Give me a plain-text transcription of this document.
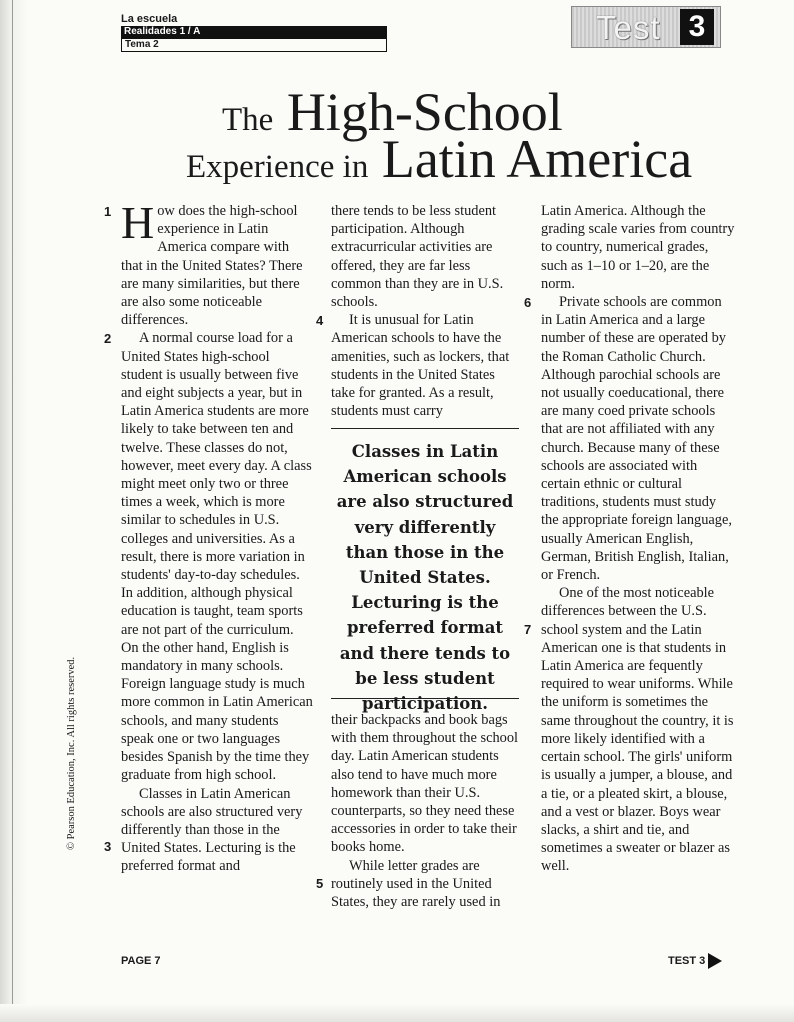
La escuela
Realidades 1 / A
Tema 2	Test 3
The High-School
Experience in Latin America
1
2
3
4
5
6
7

How does the high-school experience in Latin America compare with that in the United States? There are many similarities, but there are also some noticeable differences.

A normal course load for a United States high-school student is usually between five and eight subjects a year, but in Latin America students are more likely to take between ten and twelve. These classes do not, however, meet every day. A class might meet only two or three times a week, which is more similar to schedules in U.S. colleges and universities. As a result, there is more variation in students' day-to-day schedules. In addition, although physical education is taught, team sports are not part of the curriculum. On the other hand, English is mandatory in many schools. Foreign language study is much more common in Latin American schools, and many students speak one or two languages besides Spanish by the time they graduate from high school.

Classes in Latin American schools are also structured very differently than those in the United States. Lecturing is the preferred format and

there tends to be less student participation. Although extracurricular activities are offered, they are far less common than they are in U.S. schools.

It is unusual for Latin American schools to have the amenities, such as lockers, that students in the United States take for granted. As a result, students must carry

Classes in Latin American schools are also structured very differently than those in the United States. Lecturing is the preferred format and there tends to be less student participation.

their backpacks and book bags with them throughout the school day. Latin American students also tend to have much more homework than their U.S. counterparts, so they need these accessories in order to take their books home.

While letter grades are routinely used in the United States, they are rarely used in

Latin America. Although the grading scale varies from country to country, numerical grades, such as 1–10 or 1–20, are the norm.

Private schools are common in Latin America and a large number of these are operated by the Roman Catholic Church. Although parochial schools are not usually coeducational, there are many coed private schools that are not affiliated with any church. Because many of these schools are associated with certain ethnic or cultural traditions, students must study the appropriate foreign language, usually American English, German, British English, Italian, or French.

One of the most noticeable differences between the U.S. school system and the Latin American one is that students in Latin America are fequently required to wear uniforms. While the uniform is sometimes the same throughout the country, it is more likely identified with a certain school. The girls' uniform is usually a jumper, a blouse, and a tie, or a pleated skirt, a blouse, and a vest or blazer. Boys wear slacks, a shirt and tie, and sometimes a sweater or blazer as well.

© Pearson Education, Inc. All rights reserved.
PAGE 7	TEST 3
